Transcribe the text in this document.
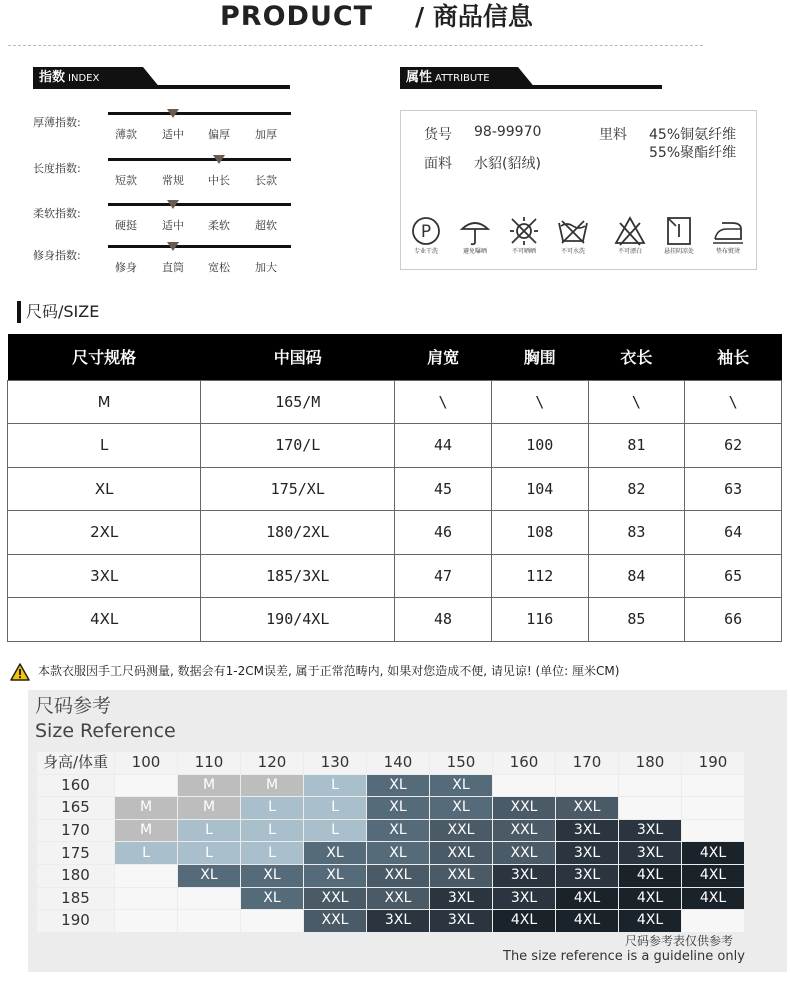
PRODUCT / 商品信息
指数 INDEX
厚薄指数:
薄款	适中	偏厚	加厚
长度指数:
短款	常规	中长	长款
柔软指数:
硬挺	适中	柔软	超软
修身指数:
修身	直筒	宽松	加大
属性 ATTRIBUTE
货号 98-99970
面料 水貂(貂绒)
里料 45%铜氨纤维
55%聚酯纤维
P
专业干洗	避免曝晒	不可晒晒	不可水洗	不可漂白	悬挂阴凉处	垫布熨烫
尺码/SIZE
尺寸规格	中国码	肩宽	胸围	衣长	袖长
M	165/M	\	\	\	\
L	170/L	44	100	81	62
XL	175/XL	45	104	82	63
2XL	180/2XL	46	108	83	64
3XL	185/3XL	47	112	84	65
4XL	190/4XL	48	116	85	66
本款衣服因手工尺码测量, 数据会有1-2CM误差, 属于正常范畴内, 如果对您造成不便, 请见谅! (单位: 厘米CM)
尺码参考
Size Reference
身高/体重	100	110	120	130	140	150	160	170	180	190
160		M	M	L	XL	XL				
165	M	M	L	L	XL	XL	XXL	XXL		
170	M	L	L	L	XL	XXL	XXL	3XL	3XL	
175	L	L	L	XL	XL	XXL	XXL	3XL	3XL	4XL
180		XL	XL	XL	XXL	XXL	3XL	3XL	4XL	4XL
185			XL	XXL	XXL	3XL	3XL	4XL	4XL	4XL
190				XXL	3XL	3XL	4XL	4XL	4XL	
尺码参考表仅供参考
The size reference is a guideline only
